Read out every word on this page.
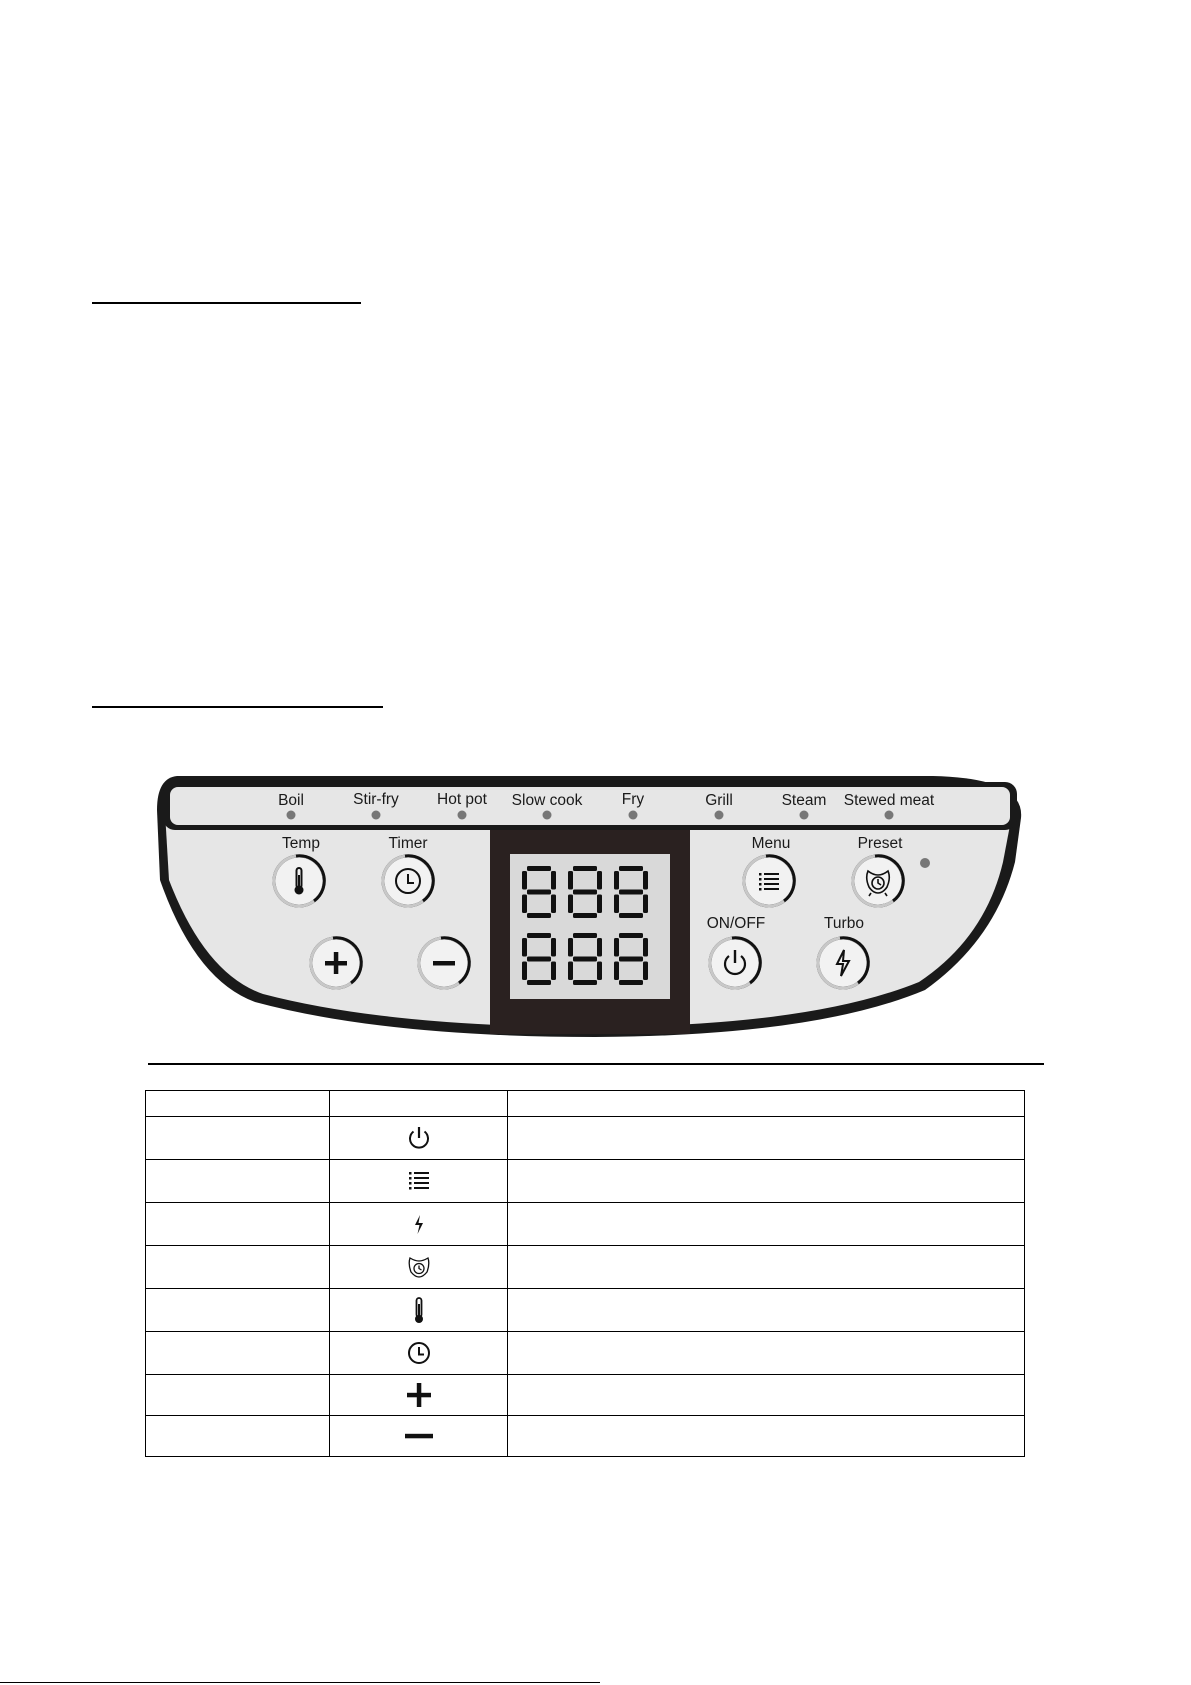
Boil	Stir-fry Hot pot Slow cook	Fry	Grill	Steam Stewed meat
Temp	Timer	Menu	Preset
ON/OFF	Turbo
